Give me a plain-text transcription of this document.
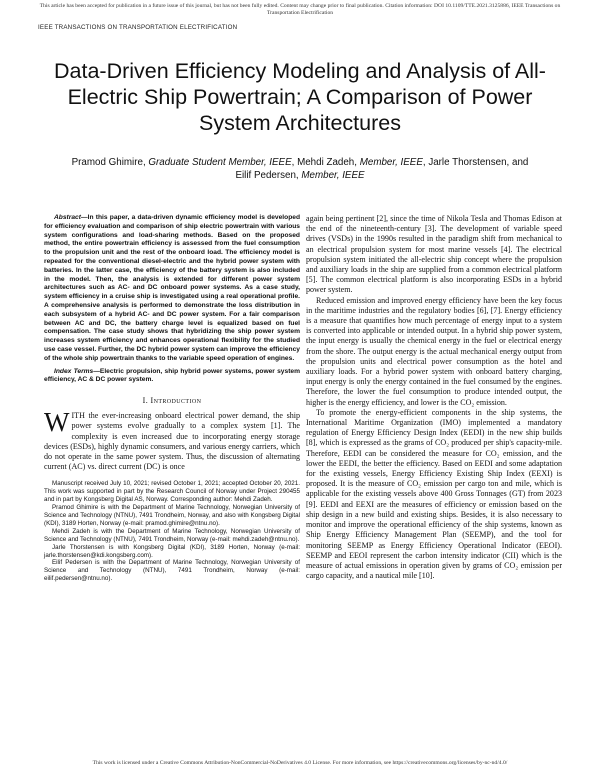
This article has been accepted for publication in a future issue of this journal, but has not been fully edited. Content may change prior to final publication. Citation information: DOI 10.1109/TTE.2021.3125886, IEEE Transactions on Transportation Electrification
IEEE TRANSACTIONS ON TRANSPORTATION ELECTRIFICATION
Data-Driven Efficiency Modeling and Analysis of All-Electric Ship Powertrain; A Comparison of Power System Architectures
Pramod Ghimire, Graduate Student Member, IEEE, Mehdi Zadeh, Member, IEEE, Jarle Thorstensen, and
Eilif Pedersen, Member, IEEE

Abstract—In this paper, a data-driven dynamic efficiency model is developed for efficiency evaluation and comparison of ship electric powertrain with various system configurations and load-sharing methods. Based on the proposed method, the entire powertrain efficiency is assessed from the fuel consumption to the propulsion unit and the rest of the onboard load. The efficiency model is repeated for the conventional diesel-electric and the hybrid power system with batteries. In the latter case, the efficiency of the battery system is also included in the model. Then, the analysis is extended for different power system architectures such as AC- and DC onboard power systems. As a case study, system efficiency in a cruise ship is investigated using a real operational profile. A comprehensive analysis is performed to demonstrate the loss distribution in each subsystem of a hybrid AC- and DC power system. For a fair comparison between AC and DC, the battery charge level is equalized based on fuel compensation. The case study shows that hybridizing the ship power system increases system efficiency and enhances operational flexibility for the studied use case vessel. Further, the DC hybrid power system can improve the efficiency of the whole ship powertrain thanks to the variable speed operation of engines.

Index Terms—Electric propulsion, ship hybrid power systems, power system efficiency, AC & DC power system.

I. Introduction

WITH the ever-increasing onboard electrical power demand, the ship power systems evolve gradually to a complex system [1]. The complexity is even increased due to incorporating energy storage devices (ESDs), highly dynamic consumers, and various energy carriers, which do not operate in the same power system. Thus, the discussion of alternating current (AC) vs. direct current (DC) is once

Manuscript received July 10, 2021; revised October 1, 2021; accepted October 20, 2021. This work was supported in part by the Research Council of Norway under Project 290455 and in part by Kongsberg Digital AS, Norway. Corresponding author: Mehdi Zadeh.

Pramod Ghimire is with the Department of Marine Technology, Norwegian University of Science and Technology (NTNU), 7491 Trondheim, Norway, and also with Kongsberg Digital (KDI), 3189 Horten, Norway (e-mail: pramod.ghimire@ntnu.no).

Mehdi Zadeh is with the Department of Marine Technology, Norwegian University of Science and Technology (NTNU), 7491 Trondheim, Norway (e-mail: mehdi.zadeh@ntnu.no).

Jarle Thorstensen is with Kongsberg Digital (KDI), 3189 Horten, Norway (e-mail: jarle.thorstensen@kdi.kongsberg.com).

Eilif Pedersen is with the Department of Marine Technology, Norwegian University of Science and Technology (NTNU), 7491 Trondheim, Norway (e-mail: eilif.pedersen@ntnu.no).

again being pertinent [2], since the time of Nikola Tesla and Thomas Edison at the end of the nineteenth-century [3]. The development of variable speed drives (VSDs) in the 1990s resulted in the paradigm shift from mechanical to an electrical propulsion system for most marine vessels [4]. The electrical propulsion system initiated the all-electric ship concept where the propulsion and auxiliary loads in the ship are supplied from a common electrical platform [5]. The common electrical platform is also incorporating ESDs in a hybrid power system.

Reduced emission and improved energy efficiency have been the key focus in the maritime industries and the regulatory bodies [6], [7]. Energy efficiency is a measure that quantifies how much percentage of energy input to a system is converted into applicable or intended output. In a hybrid ship power system, the input energy is usually the chemical energy in the fuel or electrical energy from the shore. The output energy is the actual mechanical energy output from the propulsion units and electrical power consumption as the hotel and auxiliary loads. For a hybrid power system with onboard battery charging, input energy is only the energy contained in the fuel consumed by the engines. Therefore, the lower the fuel consumption to produce intended output, the higher is the energy efficiency, and lower is the CO₂ emission.

To promote the energy-efficient components in the ship systems, the International Maritime Organization (IMO) implemented a mandatory regulation of Energy Efficiency Design Index (EEDI) in the new ship builds [8], which is expressed as the grams of CO₂ produced per ship's capacity-mile. Therefore, EEDI can be considered the measure for CO₂ emission, and the lower the EEDI, the better the efficiency. Based on EEDI and some adaptation for the existing vessels, Energy Efficiency Existing Ship Index (EEXI) is proposed. It is the measure of CO₂ emission per cargo ton and mile, which is applicable for the existing vessels above 400 Gross Tonnages (GT) from 2023 [9]. EEDI and EEXI are the measures of efficiency or emission based on the ship design in a new build and existing ships. Besides, it is also necessary to monitor and improve the operational efficiency of the ship systems, known as Ship Energy Efficiency Management Plan (SEEMP), and the tool for monitoring SEEMP as Energy Efficiency Operational Indicator (EEOI). SEEMP and EEOI represent the carbon intensity indicator (CII) which is the measure of actual emissions in operation given by grams of CO₂ emission per cargo capacity, and a nautical mile [10].

This work is licensed under a Creative Commons Attribution-NonCommercial-NoDerivatives 4.0 License. For more information, see https://creativecommons.org/licenses/by-nc-nd/4.0/
